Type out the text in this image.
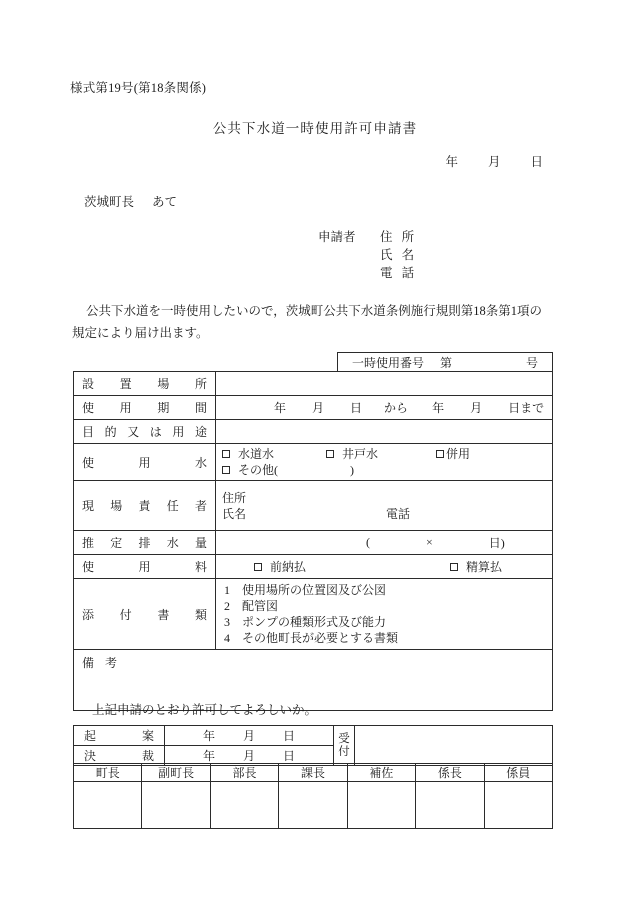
様式第19号(第18条関係)
公共下水道一時使用許可申請書
年 月 日
茨城町長 あて
申請者	住 所
氏 名
電 話
公共下水道を一時使用したいので，茨城町公共下水道条例施行規則第18条第1項の規定により届け出ます。
一時使用番号 第	号
設 置 場 所	

使 用 期 間	年 月 日 から 年 月 日まで

目 的 又 は 用 途

使	用	水

水道水	井戸水	併用
その他(	)

現 場 責 任 者

住所
氏名	電話

推 定 排 水 量	( × 日)

使 用 料	前納払 精算払

添 付 書 類

1	使用場所の位置図及び公図
2	配管図
3	ポンプの種類形式及び能力
4	その他町長が必要とする書類

備 考	
上記申請のとおり許可してよろしいか。
起	案	年 月 日	受
付

決 裁	年 月 日		
町長	副町長	部長	課長	補佐	係長	係員
